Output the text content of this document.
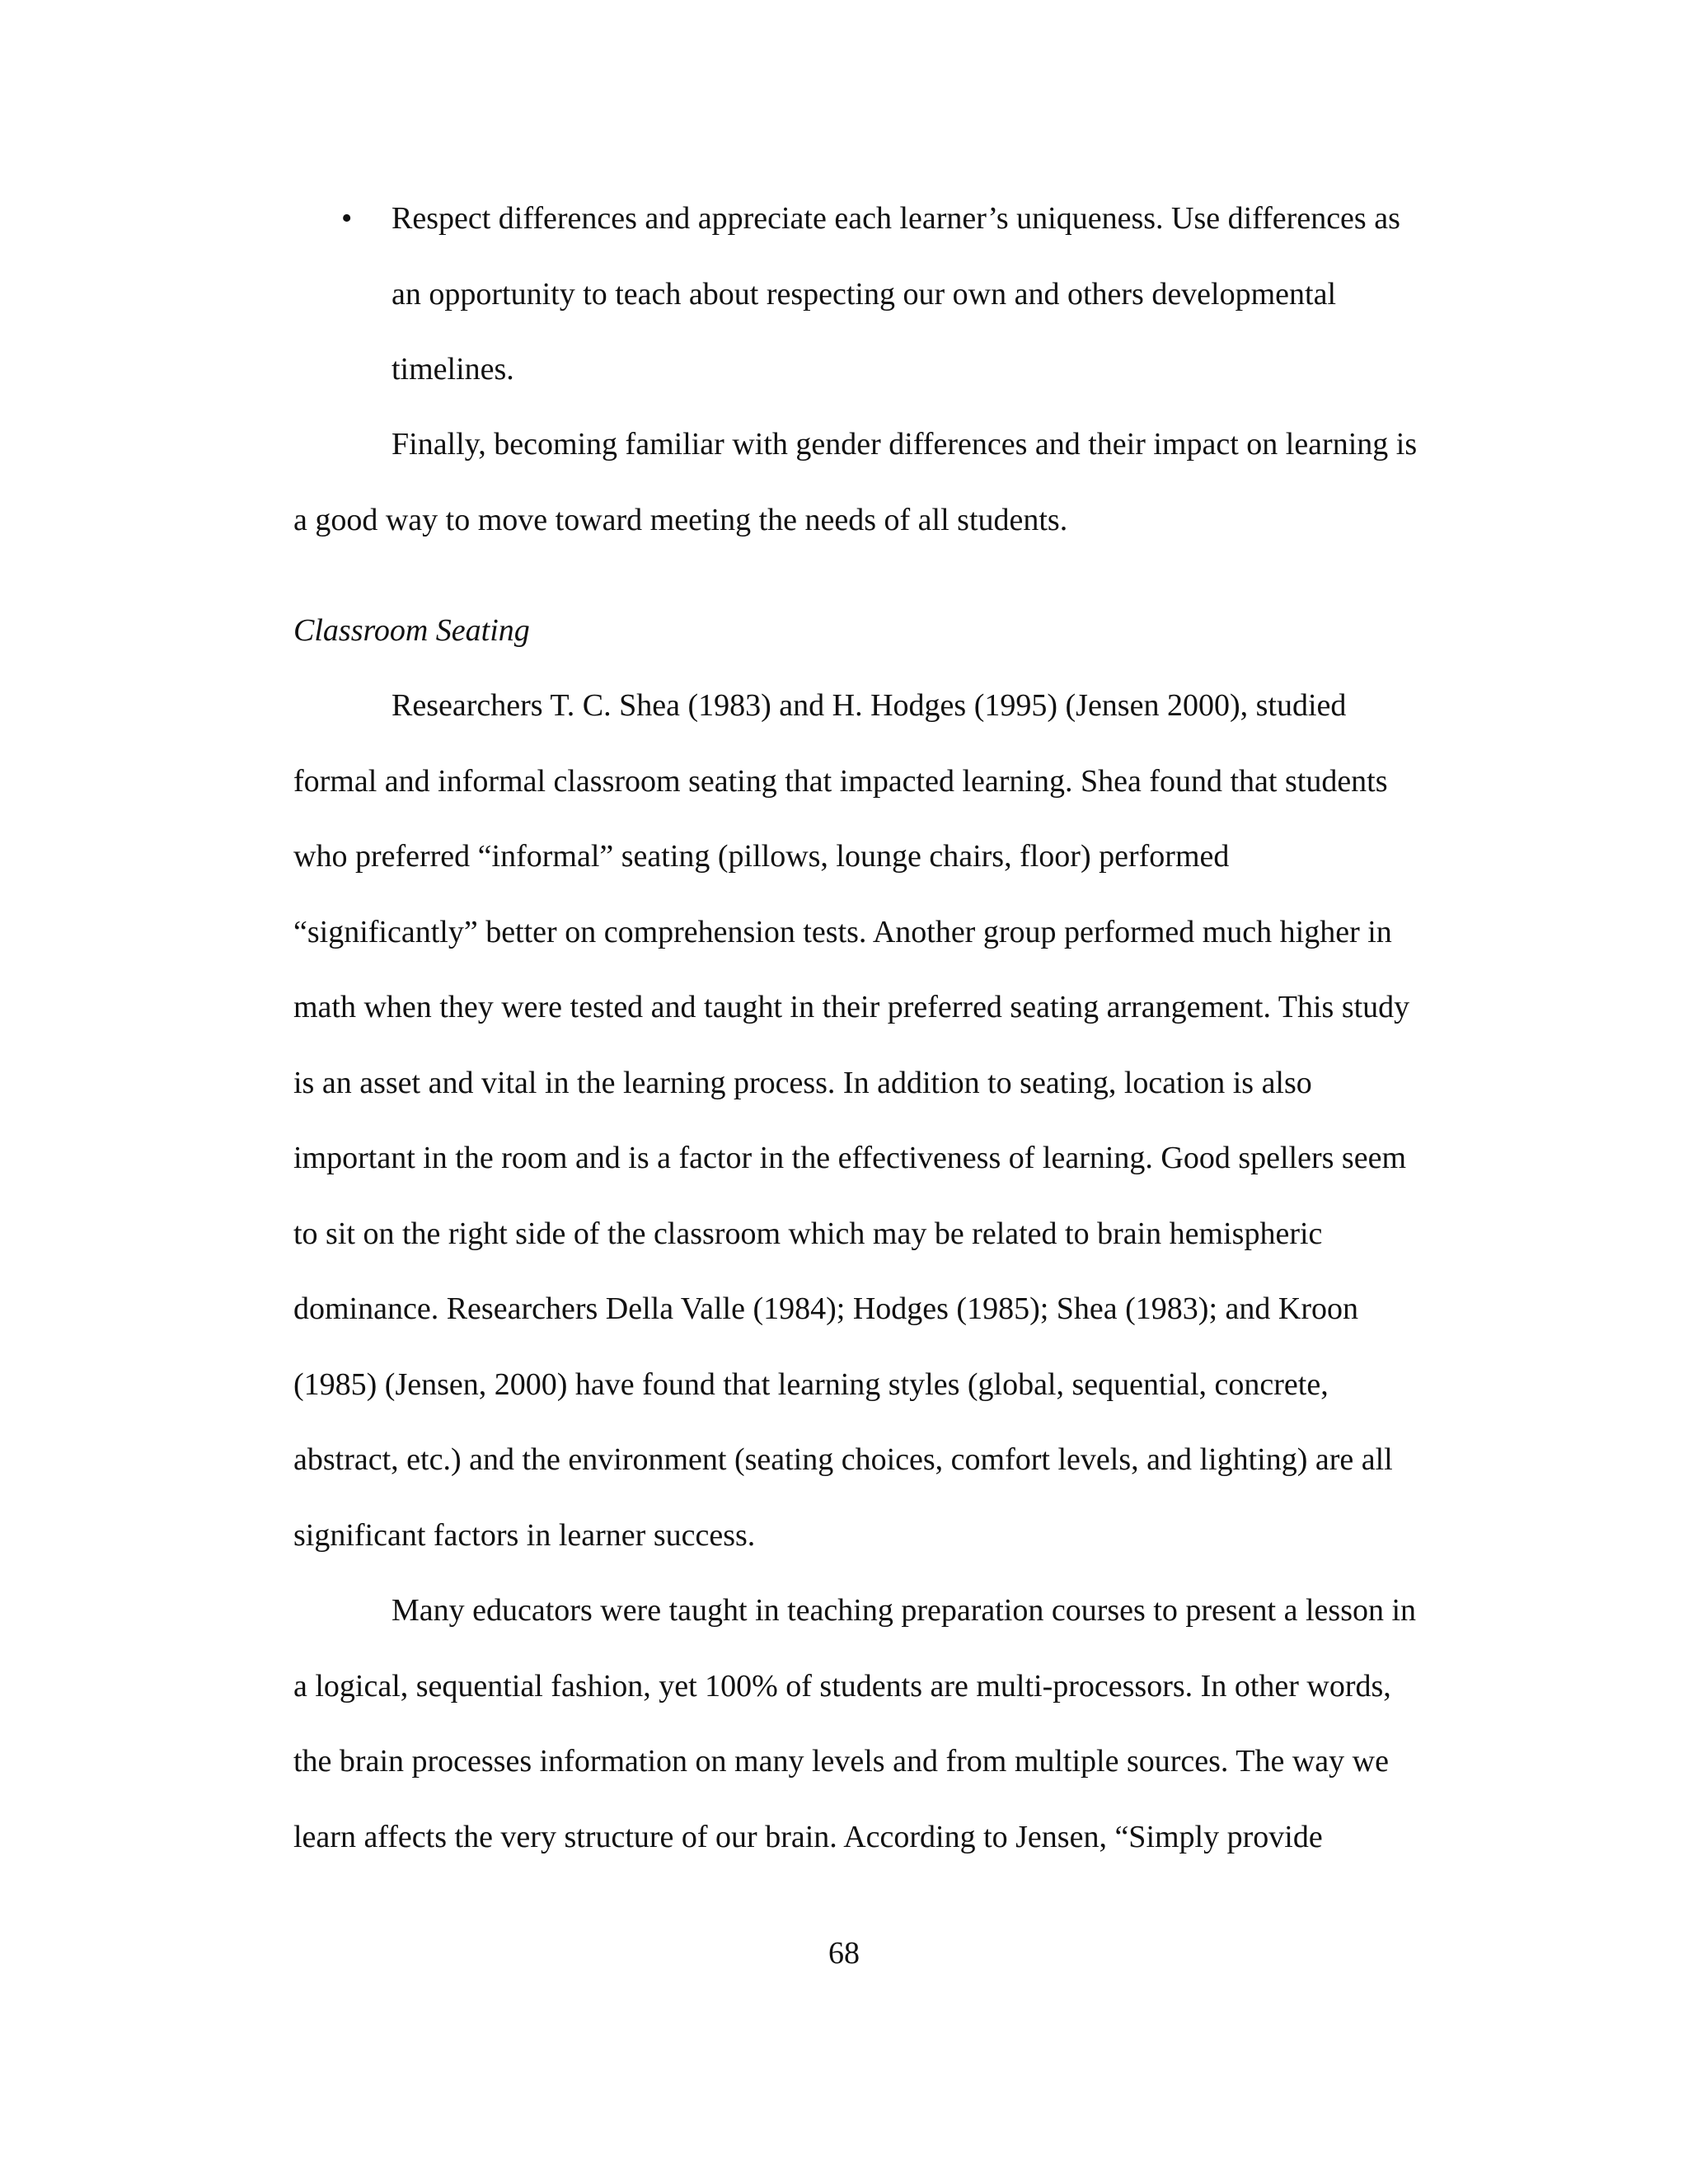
• Respect differences and appreciate each learner’s uniqueness. Use differences as
an opportunity to teach about respecting our own and others developmental
timelines.
Finally, becoming familiar with gender differences and their impact on learning is
a good way to move toward meeting the needs of all students.
Classroom Seating
Researchers T. C. Shea (1983) and H. Hodges (1995) (Jensen 2000), studied
formal and informal classroom seating that impacted learning. Shea found that students
who preferred “informal” seating (pillows, lounge chairs, floor) performed
“significantly” better on comprehension tests. Another group performed much higher in
math when they were tested and taught in their preferred seating arrangement. This study
is an asset and vital in the learning process. In addition to seating, location is also
important in the room and is a factor in the effectiveness of learning. Good spellers seem
to sit on the right side of the classroom which may be related to brain hemispheric
dominance. Researchers Della Valle (1984); Hodges (1985); Shea (1983); and Kroon
(1985) (Jensen, 2000) have found that learning styles (global, sequential, concrete,
abstract, etc.) and the environment (seating choices, comfort levels, and lighting) are all
significant factors in learner success.
Many educators were taught in teaching preparation courses to present a lesson in
a logical, sequential fashion, yet 100% of students are multi-processors. In other words,
the brain processes information on many levels and from multiple sources. The way we
learn affects the very structure of our brain. According to Jensen, “Simply provide
68
